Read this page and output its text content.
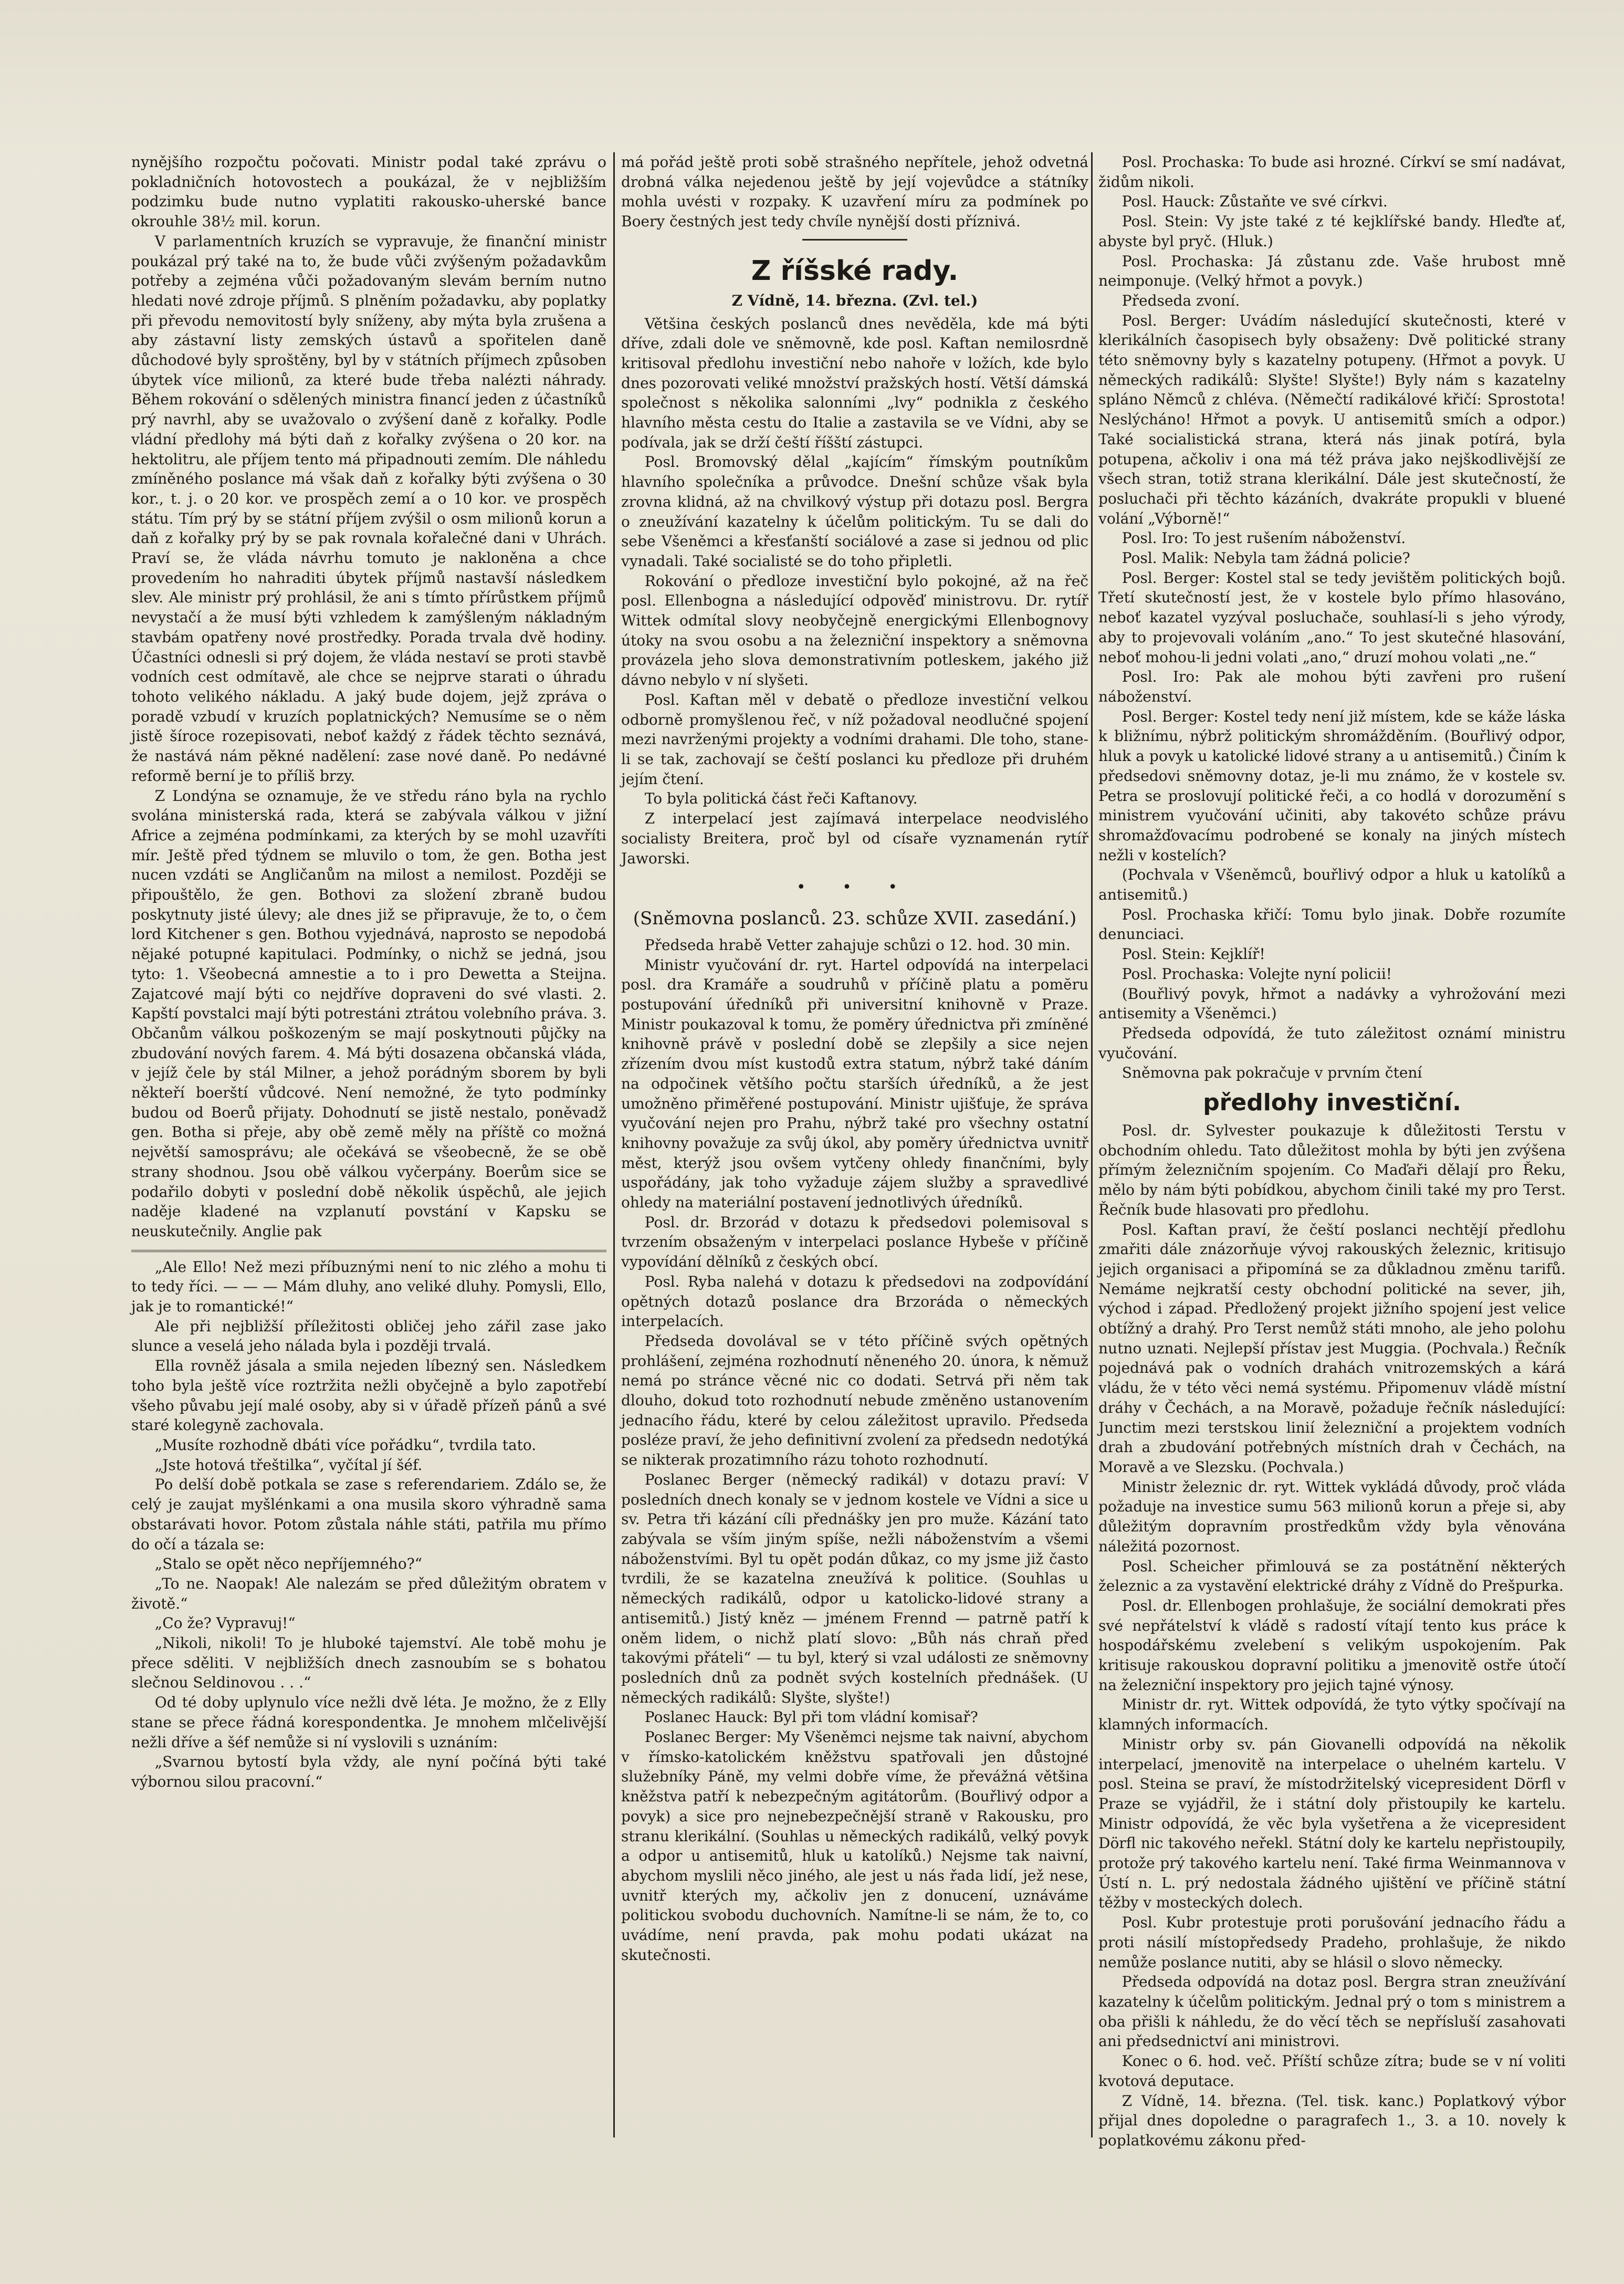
nynějšího rozpočtu počovati. Ministr podal také zprávu o pokladničních hotovostech a poukázal, že v nejbližším podzimku bude nutno vyplatiti rakousko-uherské bance okrouhle 38½ mil. korun.

V parlamentních kruzích se vypravuje, že finanční ministr poukázal prý také na to, že bude vůči zvýšeným požadavkům potřeby a zejména vůči požadovaným slevám berním nutno hledati nové zdroje příjmů. S plněním požadavku, aby poplatky při převodu nemovitostí byly sníženy, aby mýta byla zrušena a aby zástavní listy zemských ústavů a spořitelen daně důchodové byly sproštěny, byl by v státních příjmech způsoben úbytek více milionů, za které bude třeba nalézti náhrady. Během rokování o sdělených ministra financí jeden z účastníků prý navrhl, aby se uvažovalo o zvýšení daně z kořalky. Podle vládní předlohy má býti daň z kořalky zvýšena o 20 kor. na hektolitru, ale příjem tento má připadnouti zemím. Dle náhledu zmíněného poslance má však daň z kořalky býti zvýšena o 30 kor., t. j. o 20 kor. ve prospěch zemí a o 10 kor. ve prospěch státu. Tím prý by se státní příjem zvýšil o osm milionů korun a daň z kořalky prý by se pak rovnala kořalečné dani v Uhrách. Praví se, že vláda návrhu tomuto je nakloněna a chce provedením ho nahraditi úbytek příjmů nastavší následkem slev. Ale ministr prý prohlásil, že ani s tímto přírůstkem příjmů nevystačí a že musí býti vzhledem k zamýšleným nákladným stavbám opatřeny nové prostředky. Porada trvala dvě hodiny. Účastníci odnesli si prý dojem, že vláda nestaví se proti stavbě vodních cest odmítavě, ale chce se nejprve starati o úhradu tohoto velikého nákladu. A jaký bude dojem, jejž zpráva o poradě vzbudí v kruzích poplatnických? Nemusíme se o něm jistě šíroce rozepisovati, neboť každý z řádek těchto seznává, že nastává nám pěkné nadělení: zase nové daně. Po nedávné reformě berní je to příliš brzy.

Z Londýna se oznamuje, že ve středu ráno byla na rychlo svolána ministerská rada, která se zabývala válkou v jižní Africe a zejména podmínkami, za kterých by se mohl uzavříti mír. Ještě před týdnem se mluvilo o tom, že gen. Botha jest nucen vzdáti se Angličanům na milost a nemilost. Později se připouštělo, že gen. Bothovi za složení zbraně budou poskytnuty jisté úlevy; ale dnes již se připravuje, že to, o čem lord Kitchener s gen. Bothou vyjednává, naprosto se nepodobá nějaké potupné kapitulaci. Podmínky, o nichž se jedná, jsou tyto: 1. Všeobecná amnestie a to i pro Dewetta a Steijna. Zajatcové mají býti co nejdříve dopraveni do své vlasti. 2. Kapští povstalci mají býti potrestáni ztrátou volebního práva. 3. Občanům válkou poškozeným se mají poskytnouti půjčky na zbudování nových farem. 4. Má býti dosazena občanská vláda, v jejíž čele by stál Milner, a jehož porádným sborem by byli někteří boerští vůdcové. Není nemožné, že tyto podmínky budou od Boerů přijaty. Dohodnutí se jistě nestalo, poněvadž gen. Botha si přeje, aby obě země měly na příště co možná největší samosprávu; ale očekává se všeobecně, že se obě strany shodnou. Jsou obě válkou vyčerpány. Boerům sice se podařilo dobyti v poslední době několik úspěchů, ale jejich naděje kladené na vzplanutí povstání v Kapsku se neuskutečnily. Anglie pak

„Ale Ello! Než mezi příbuznými není to nic zlého a mohu ti to tedy říci. — — — Mám dluhy, ano veliké dluhy. Pomysli, Ello, jak je to romantické!“

Ale při nejbližší příležitosti obličej jeho zářil zase jako slunce a veselá jeho nálada byla i později trvalá.

Ella rovněž jásala a smila nejeden líbezný sen. Následkem toho byla ještě více roztržita nežli obyčejně a bylo zapotřebí všeho půvabu její malé osoby, aby si v úřadě přízeň pánů a své staré kolegyně zachovala.

„Musíte rozhodně dbáti více pořádku“, tvrdila tato.

„Jste hotová třeštilka“, vyčítal jí šéf.

Po delší době potkala se zase s referendariem. Zdálo se, že celý je zaujat myšlénkami a ona musila skoro výhradně sama obstarávati hovor. Potom zůstala náhle státi, patřila mu přímo do očí a tázala se:

„Stalo se opět něco nepříjemného?“

„To ne. Naopak! Ale nalezám se před důležitým obratem v životě.“

„Co že? Vypravuj!“

„Nikoli, nikoli! To je hluboké tajemství. Ale tobě mohu je přece sděliti. V nejbližších dnech zasnoubím se s bohatou slečnou Seldinovou . . .“

Od té doby uplynulo více nežli dvě léta. Je možno, že z Elly stane se přece řádná korespondentka. Je mnohem mlčelivější nežli dříve a šéf nemůže si ní vyslovili s uznáním:

„Svarnou bytostí byla vždy, ale nyní počíná býti také výbornou silou pracovní.“

má pořád ještě proti sobě strašného nepřítele, jehož odvetná drobná válka nejedenou ještě by její vojevůdce a státníky mohla uvésti v rozpaky. K uzavření míru za podmínek po Boery čestných jest tedy chvíle nynější dosti příznivá.

Z říšské rady.
Z Vídně, 14. března. (Zvl. tel.)

Většina českých poslanců dnes nevěděla, kde má býti dříve, zdali dole ve sněmovně, kde posl. Kaftan nemilosrdně kritisoval předlohu investiční nebo nahoře v ložích, kde bylo dnes pozorovati veliké množství pražských hostí. Větší dámská společnost s několika salonními „lvy“ podnikla z českého hlavního města cestu do Italie a zastavila se ve Vídni, aby se podívala, jak se drží čeští říšští zástupci.

Posl. Bromovský dělal „kajícím“ římským poutníkům hlavního společníka a průvodce. Dnešní schůze však byla zrovna klidná, až na chvilkový výstup při dotazu posl. Bergra o zneužívání kazatelny k účelům politickým. Tu se dali do sebe Všeněmci a křesťanští sociálové a zase si jednou od plic vynadali. Také socialisté se do toho připletli.

Rokování o předloze investiční bylo pokojné, až na řeč posl. Ellenbogna a následující odpověď ministrovu. Dr. rytíř Wittek odmítal slovy neobyčejně energickými Ellenbognovy útoky na svou osobu a na železniční inspektory a sněmovna provázela jeho slova demonstrativním potleskem, jakého již dávno nebylo v ní slyšeti.

Posl. Kaftan měl v debatě o předloze investiční velkou odborně promyšlenou řeč, v níž požadoval neodlučné spojení mezi navrženými projekty a vodními drahami. Dle toho, stane-li se tak, zachovají se čeští poslanci ku předloze při druhém jejím čtení.

To byla politická část řeči Kaftanovy.

Z interpelací jest zajímavá interpelace neodvislého socialisty Breitera, proč byl od císaře vyznamenán rytíř Jaworski.

• • •
(Sněmovna poslanců. 23. schůze XVII. zasedání.)

Předseda hrabě Vetter zahajuje schůzi o 12. hod. 30 min.

Ministr vyučování dr. ryt. Hartel odpovídá na interpelaci posl. dra Kramáře a soudruhů v příčině platu a pomĕru postupování úředníků při universitní knihovně v Praze. Ministr poukazoval k tomu, že poměry úřednictva při zmíněné knihovně právě v poslední době se zlepšily a sice nejen zřízením dvou míst kustodů extra statum, nýbrž také dáním na odpočinek většího počtu starších úředníků, a že jest umožněno přiměřené postupování. Ministr ujišťuje, že správa vyučování nejen pro Prahu, nýbrž také pro všechny ostatní knihovny považuje za svůj úkol, aby poměry úřednictva uvnitř měst, kterýž jsou ovšem vytčeny ohledy finančními, byly uspořádány, jak toho vyžaduje zájem služby a spravedlivé ohledy na materiální postavení jednotlivých úředníků.

Posl. dr. Brzorád v dotazu k předsedovi polemisoval s tvrzením obsaženým v interpelaci poslance Hybeše v příčině vypovídání dělníků z českých obcí.

Posl. Ryba nalehá v dotazu k předsedovi na zodpovídání opětných dotazů poslance dra Brzoráda o německých interpelacích.

Předseda dovolával se v této příčině svých opětných prohlášení, zejména rozhodnutí něneného 20. února, k němuž nemá po stránce věcné nic co dodati. Setrvá při něm tak dlouho, dokud toto rozhodnutí nebude změněno ustanovením jednacího řádu, které by celou záležitost upravilo. Předseda posléze praví, že jeho definitivní zvolení za předsedn nedotýká se nikterak prozatimního rázu tohoto rozhodnutí.

Poslanec Berger (německý radikál) v dotazu praví: V posledních dnech konaly se v jednom kostele ve Vídni a sice u sv. Petra tři kázání cíli přednášky jen pro muže. Kázání tato zabývala se vším jiným spíše, nežli náboženstvím a všemi náboženstvími. Byl tu opět podán důkaz, co my jsme již často tvrdili, že se kazatelna zneužívá k politice. (Souhlas u německých radikálů, odpor u katolicko-lidové strany a antisemitů.) Jistý kněz — jménem Frennd — patrně patří k oněm lidem, o nichž platí slovo: „Bůh nás chraň před takovými přáteli“ — tu byl, který si vzal události ze sněmovny posledních dnů za podnět svých kostelních přednášek. (U německých radikálů: Slyšte, slyšte!)

Poslanec Hauck: Byl při tom vládní komisař?

Poslanec Berger: My Všeněmci nejsme tak naivní, abychom v římsko-katolickém kněžstvu spatřovali jen důstojné služebníky Páně, my velmi dobře víme, že převážná většina kněžstva patří k nebezpečným agitátorům. (Bouřlivý odpor a povyk) a sice pro nejnebezpečnější straně v Rakousku, pro stranu klerikální. (Souhlas u německých radikálů, velký povyk a odpor u antisemitů, hluk u katolíků.) Nejsme tak naivní, abychom myslili něco jiného, ale jest u nás řada lidí, jež nese, uvnitř kterých my, ačkoliv jen z donucení, uznáváme politickou svobodu duchovních. Namítne-li se nám, že to, co uvádíme, není pravda, pak mohu podati ukázat na skutečnosti.

Posl. Prochaska: To bude asi hrozné. Církví se smí nadávat, židům nikoli.

Posl. Hauck: Zůstaňte ve své církvi.

Posl. Stein: Vy jste také z té kejklířské bandy. Hleďte ať, abyste byl pryč. (Hluk.)

Posl. Prochaska: Já zůstanu zde. Vaše hrubost mně neimponuje. (Velký hřmot a povyk.)

Předseda zvoní.

Posl. Berger: Uvádím následující skutečnosti, které v klerikálních časopisech byly obsaženy: Dvě politické strany této sněmovny byly s kazatelny potupeny. (Hřmot a povyk. U německých radikálů: Slyšte! Slyšte!) Byly nám s kazatelny spláno Němců z chlévа. (Němečtí radikálové křičí: Sprostota! Neslýcháno! Hřmot a povyk. U antisemitů smích a odpor.) Také socialistická strana, která nás jinak potírá, byla potupena, ačkoliv i ona má též práva jako nejškodlivější ze všech stran, totiž strana klerikální. Dále jest skutečností, že posluchači při těchto kázáních, dvakráte propukli v bluené volání „Výborně!“

Posl. Iro: To jest rušením náboženství.

Posl. Malik: Nebyla tam žádná policie?

Posl. Berger: Kostel stal se tedy jevištěm politických bojů. Třetí skutečností jest, že v kostele bylo přímo hlasováno, neboť kazatel vyzýval posluchače, souhlasí-li s jeho výrody, aby to projevovali voláním „ano.“ To jest skutečné hlasování, neboť mohou-li jedni volati „ano,“ druzí mohou volati „ne.“

Posl. Iro: Pak ale mohou býti zavřeni pro rušení náboženství.

Posl. Berger: Kostel tedy není již místem, kde se káže láska k bližnímu, nýbrž politickým shromážděním. (Bouřlivý odpor, hluk a povyk u katolické lidové strany a u antisemitů.) Činím k předsedovi sněmovny dotaz, je-li mu známo, že v kostele sv. Petra se proslovují politické řeči, a co hodlá v dorozumění s ministrem vyučování učiniti, aby takovéto schůze právu shromažďovacímu podrobené se konaly na jiných místech nežli v kostelích?

(Pochvala v Všeněmců, bouřlivý odpor a hluk u katolíků a antisemitů.)

Posl. Prochaska křičí: Tomu bylo jinak. Dobře rozumíte denunciaci.

Posl. Stein: Kejklíř!

Posl. Prochaska: Volejte nyní policii!

(Bouřlivý povyk, hřmot a nadávky a vyhrožování mezi antisemity a Všeněmci.)

Předseda odpovídá, že tuto záležitost oznámí ministru vyučování.

Sněmovna pak pokračuje v prvním čtení

předlohy investiční.

Posl. dr. Sylvester poukazuje k důležitosti Terstu v obchodním ohledu. Tato důležitost mohla by býti jen zvýšena přímým železničním spojením. Co Maďaři dělají pro Řeku, mělo by nám býti pobídkou, abychom činili také my pro Terst. Řečník bude hlasovati pro předlohu.

Posl. Kaftan praví, že čeští poslanci nechtějí předlohu zmařiti dále znázorňuje vývoj rakouských železnic, kritisujo jejich organisaci a připomíná se za důkladnou změnu tarifů. Nemáme nejkratší cesty obchodní politické na sever, jih, východ i západ. Předložený projekt jižního spojení jest velice obtížný a drahý. Pro Terst nemůž státi mnoho, ale jeho polohu nutno uznati. Nejlepší přístav jest Muggia. (Pochvala.) Řečník pojednává pak o vodních drahách vnitrozemských a kárá vládu, že v této věci nemá systému. Připomenuv vládě místní dráhy v Čechách, a na Moravě, požaduje řečník následující: Junctim mezi terstskou linií železniční a projektem vodních drah a zbudování potřebných místních drah v Čechách, na Moravě a ve Slezsku. (Pochvala.)

Ministr železnic dr. ryt. Wittek vykládá důvody, proč vláda požaduje na investice sumu 563 milionů korun a přeje si, aby důležitým dopravním prostředkům vždy byla věnována náležitá pozornost.

Posl. Scheicher přimlouvá se za postátnění některých železnic a za vystavění elektrické dráhy z Vídně do Prešpurka.

Posl. dr. Ellenbogen prohlašuje, že sociální demokrati přes své nepřátelství k vládě s radostí vítají tento kus práce k hospodářskému zvelebení s velikým uspokojením. Pak kritisuje rakouskou dopravní politiku a jmenovitě ostře útočí na železniční inspektory pro jejich tajné výnosy.

Ministr dr. ryt. Wittek odpovídá, že tyto výtky spočívají na klamných informacích.

Ministr orby sv. pán Giovanelli odpovídá na několik interpelací, jmenovitě na interpelace o uhelném kartelu. V posl. Steina se praví, že místodržitelský vicepresident Dörfl v Praze se vyjádřil, že i státní doly přistoupily ke kartelu. Ministr odpovídá, že věc byla vyšetřena a že vicepresident Dörfl nic takového neřekl. Státní doly ke kartelu nepřistoupily, protože prý takového kartelu není. Také firma Weinmannova v Ústí n. L. prý nedostala žádného ujištění ve příčině státní těžby v mosteckých dolech.

Posl. Kubr protestuje proti porušování jednacího řádu a proti násilí místopředsedy Pradeho, prohlašuje, že nikdo nemůže poslance nutiti, aby se hlásil o slovo německy.

Předseda odpovídá na dotaz posl. Bergra stran zneužívání kazatelny k účelům politickým. Jednal prý o tom s ministrem a oba přišli k náhledu, že do věcí těch se nepřísluší zasahovati ani předsednictví ani ministrovi.

Konec o 6. hod. več. Příští schůze zítra; bude se v ní voliti kvotová deputace.

Z Vídně, 14. března. (Tel. tisk. kanc.) Poplatkový výbor přijal dnes dopoledne o paragrafech 1., 3. a 10. novely k poplatkovému zákonu před-
